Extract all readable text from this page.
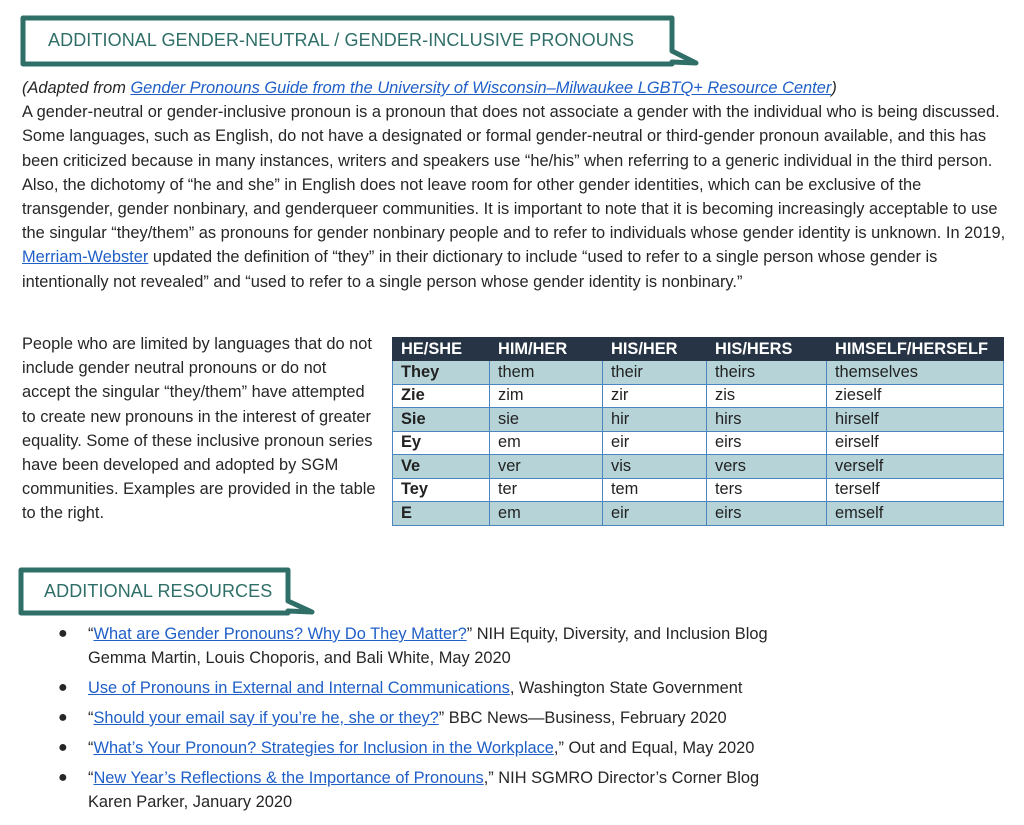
ADDITIONAL GENDER-NEUTRAL / GENDER-INCLUSIVE PRONOUNS
(Adapted from Gender Pronouns Guide from the University of Wisconsin–Milwaukee LGBTQ+ Resource Center)
A gender-neutral or gender-inclusive pronoun is a pronoun that does not associate a gender with the individual who is being discussed. Some languages, such as English, do not have a designated or formal gender-neutral or third-gender pronoun available, and this has been criticized because in many instances, writers and speakers use “he/his” when referring to a generic individual in the third person. Also, the dichotomy of “he and she” in English does not leave room for other gender identities, which can be exclusive of the transgender, gender nonbinary, and genderqueer communities. It is important to note that it is becoming increasingly acceptable to use the singular “they/them” as pronouns for gender nonbinary people and to refer to individuals whose gender identity is unknown. In 2019, Merriam-Webster updated the definition of “they” in their dictionary to include “used to refer to a single person whose gender is intentionally not revealed” and “used to refer to a single person whose gender identity is nonbinary.”
People who are limited by languages that do not include gender neutral pronouns or do not accept the singular “they/them” have attempted to create new pronouns in the interest of greater equality. Some of these inclusive pronoun series have been developed and adopted by SGM communities. Examples are provided in the table to the right.
HE/SHE	HIM/HER	HIS/HER	HIS/HERS	HIMSELF/HERSELF
They	them	their	theirs	themselves
Zie	zim	zir	zis	zieself
Sie	sie	hir	hirs	hirself
Ey	em	eir	eirs	eirself
Ve	ver	vis	vers	verself
Tey	ter	tem	ters	terself
E	em	eir	eirs	emself
ADDITIONAL RESOURCES
● “What are Gender Pronouns? Why Do They Matter?” NIH Equity, Diversity, and Inclusion Blog
Gemma Martin, Louis Choporis, and Bali White, May 2020
● Use of Pronouns in External and Internal Communications, Washington State Government
● “Should your email say if you’re he, she or they?” BBC News—Business, February 2020
● “What’s Your Pronoun? Strategies for Inclusion in the Workplace,” Out and Equal, May 2020
● “New Year’s Reflections & the Importance of Pronouns,” NIH SGMRO Director’s Corner Blog
Karen Parker, January 2020
